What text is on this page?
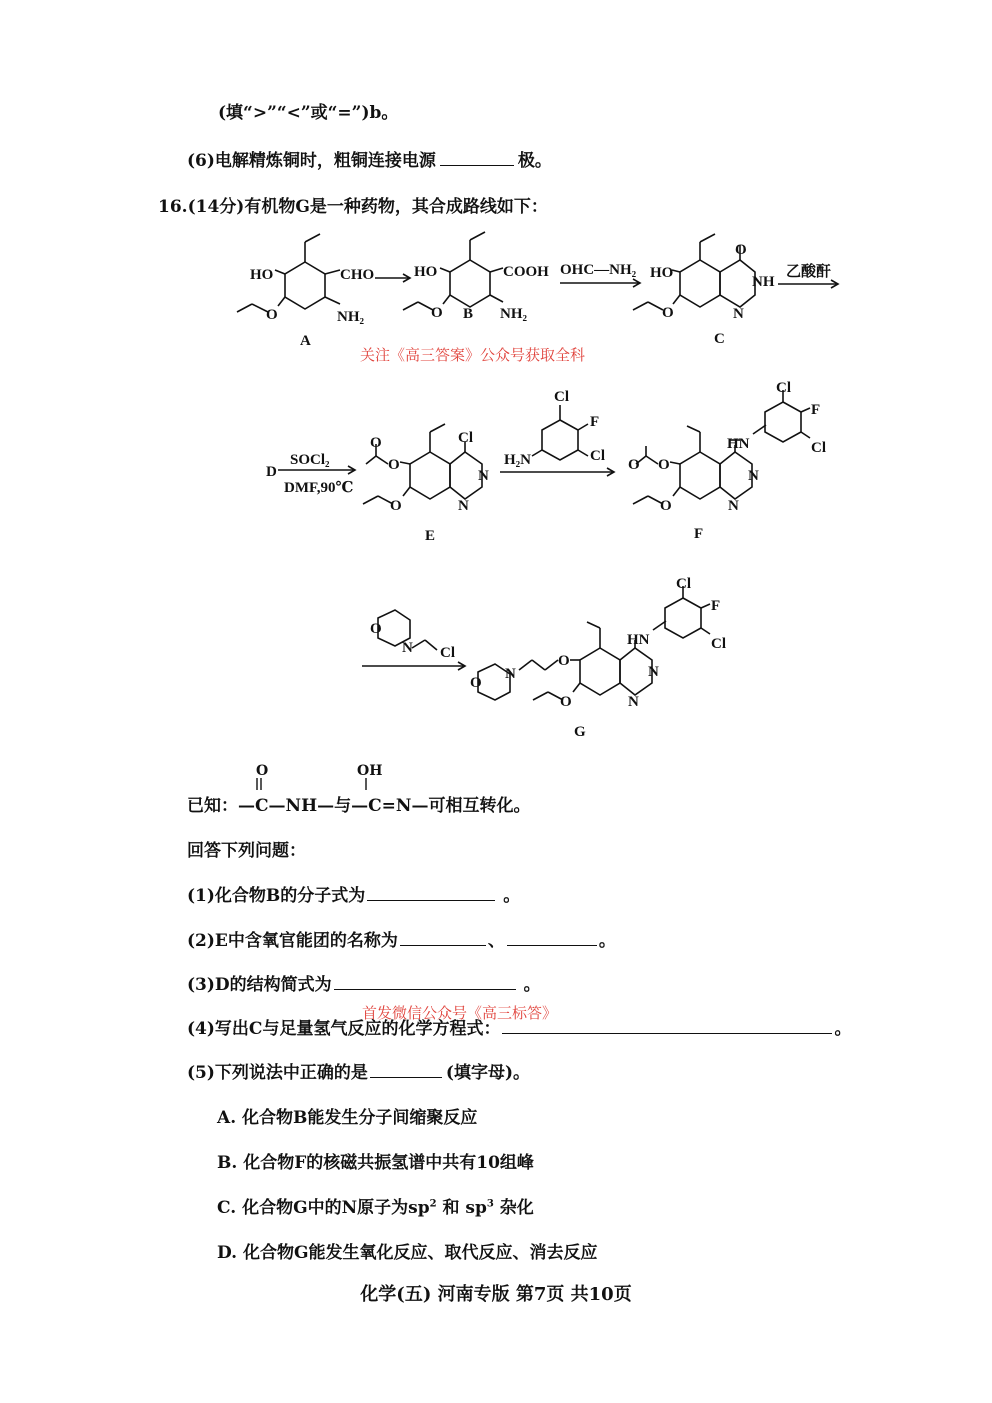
(填“>”“<”或“=”)b。
(6)电解精炼铜时，粗铜连接电源	极。
16.(14分)有机物G是一种药物，其合成路线如下：
HO	CHO
NH₂
O
A
HO	COOH
NH₂
O B
OHC—NH₂
O
HO
NH
N
O
C
乙酸酐
D
SOCl₂
DMF,90℃
Cl
N
N
O
O
O
E
Cl
F
Cl
H₂N
Cl
F
Cl
HN
N
N
O
O
O
F
O
N Cl
Cl
F
Cl
HN
N
N
O
O
N
O
G
关注《高三答案》公众号获取全科
O	OH
已知：—C—NH—与—C=N—可相互转化。
回答下列问题：
(1)化合物B的分子式为	。
(2)E中含氧官能团的名称为	、	。
(3)D的结构简式为	。
(4)写出C与足量氢气反应的化学方程式：	。
首发微信公众号《高三标答》
(5)下列说法中正确的是	(填字母)。
A. 化合物B能发生分子间缩聚反应
B. 化合物F的核磁共振氢谱中共有10组峰
C. 化合物G中的N原子为$sp^2$ 和 $sp^3$ 杂化
D. 化合物G能发生氧化反应、取代反应、消去反应
化学(五) 河南专版 第7页 共10页
